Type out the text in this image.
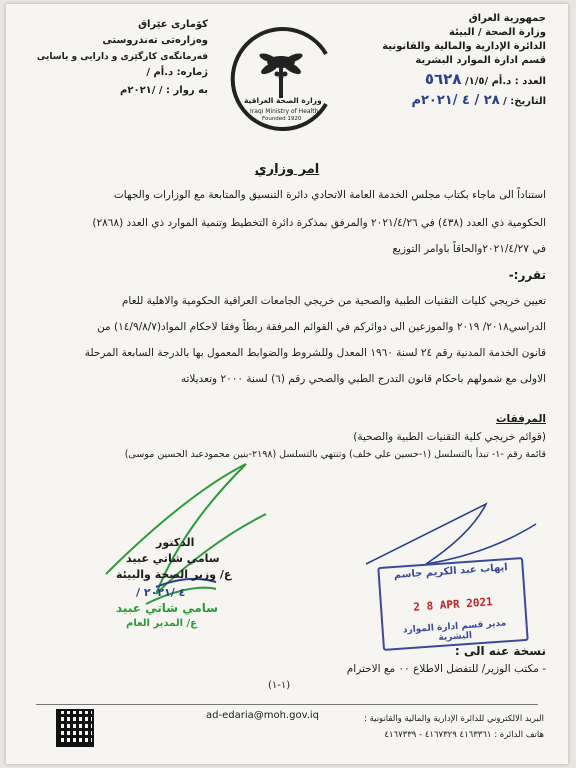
جمهورية العراق
وزارة الصحة / البيئة
الدائرة الإدارية والمالية والقانونية
قسم ادارة الموارد البشرية
العدد : د.أم /١/٥/ ٥٦٢٨
التاريخ: / ٢٨ / ٤ /٢٠٢١م
كۆماری عێراق
وەزارەتی تەندروستی
فەرمانگەی کارگێری و دارایی و یاسایی
ژمارە: د.أم /
بە روار : / /٢٠٢١م
وزارة الصحة العراقية
Iraqi Ministry of Health
Founded 1920
امر وزاري
استناداً الى ماجاء بكتاب مجلس الخدمة العامة الاتحادي دائرة التنسيق والمتابعة مع الوزارات والجهات
الحكومية ذي العدد (٤٣٨) في ٢٠٢١/٤/٢٦ والمرفق بمذكرة دائرة التخطيط وتنمية الموارد ذي العدد (٢٨٦٨)
في ٢٠٢١/٤/٢٧والحاقاً باوامر التوزيع
تقرر:-
تعيين خريجي كليات التقنيات الطبية والصحية من خريجي الجامعات العراقية الحكومية والاهلية للعام
الدراسي٢٠١٨/ ٢٠١٩ والموزعين الى دوائركم في القوائم المرفقة ربطاً وفقا لاحكام المواد(١٤/٩/٨/٧) من
قانون الخدمة المدنية رقم ٢٤ لسنة ١٩٦٠ المعدل وللشروط والضوابط المعمول بها بالدرجة السابعة المرحلة
الاولى مع شمولهم باحكام قانون التدرج الطبي والصحي رقم (٦) لسنة ٢٠٠٠ وتعديلاته
المرفقات
(قوائم خريجي كلية التقنيات الطبية والصحية)
قائمة رقم -١- تبدأ بالتسلسل (١-حسين علي خلف) وتنتهي بالتسلسل (٢١٩٨-بنين محمودعبد الحسين موسى)
الدكتور
سامي شاتي عبيد
ع/ وزير الصحة والبيئة
/ ٤ /٢٠٢١
سامي شاتي عبيد
ع/ المدير العام
ايهاب عبد الكريم جاسم
2 8 APR 2021
مدير قسم ادارة الموارد البشرية
نسخة عنه الى :
- مكتب الوزير/ للتفضل الاطلاع ٠٠ مع الاحترام
(١-١)
البريد الالكتروني للدائرة الإدارية والمالية والقانونية :
ad-edaria@moh.gov.iq
هاتف الدائرة : ٤١٦٣٣٦١ ٤١٦٧٣٢٩ - ٤١٦٧٣٣٩
